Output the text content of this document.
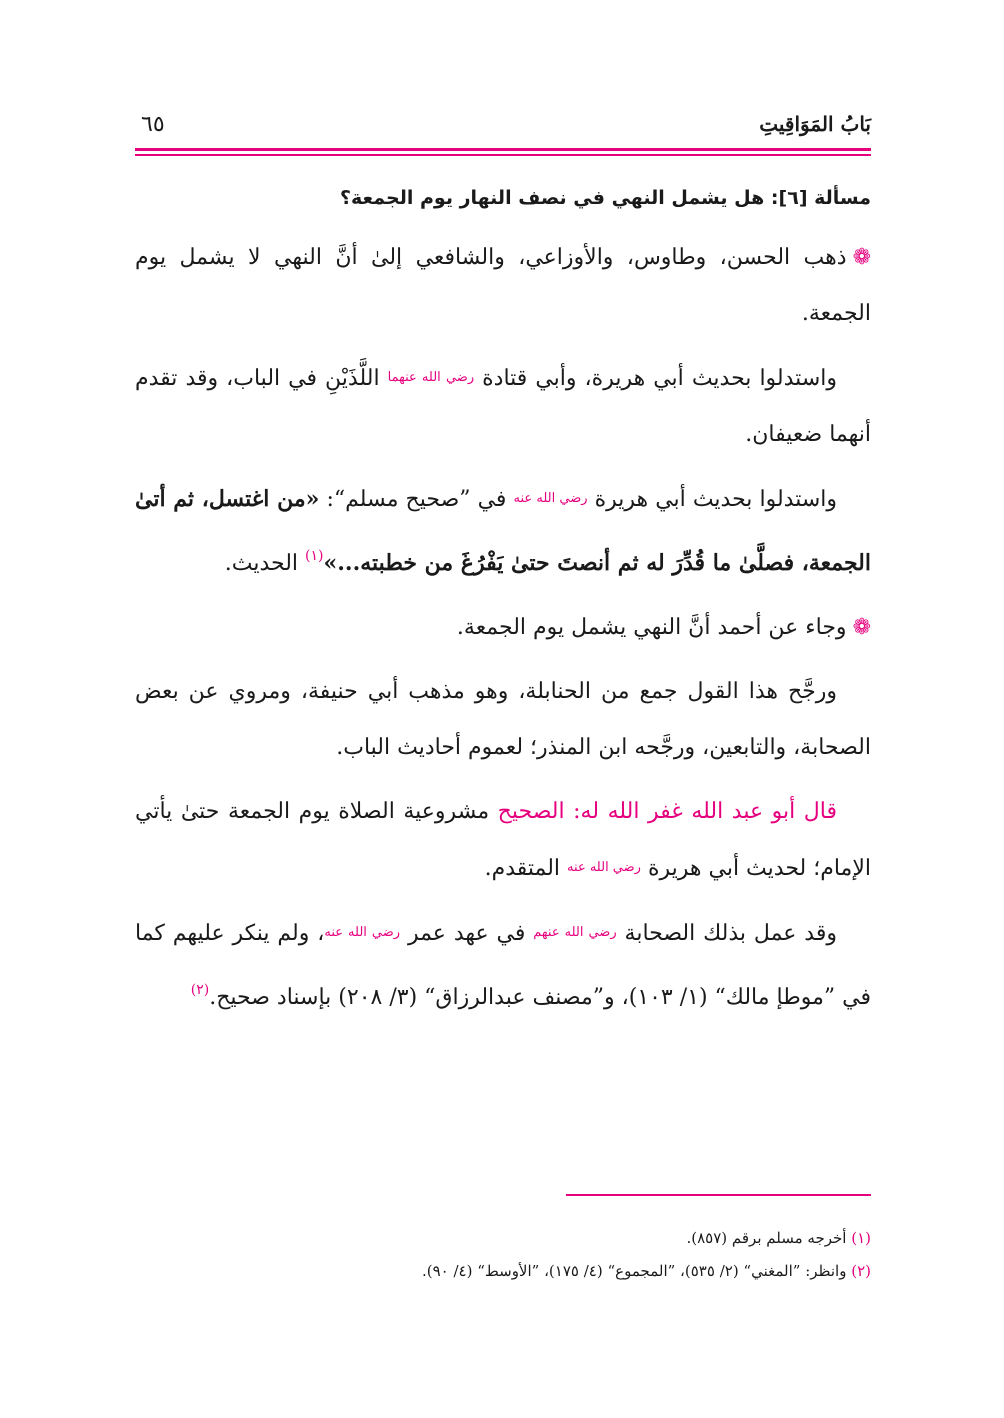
بَابُ المَوَاقِيتِ
٦٥

مسألة [٦]: هل يشمل النهي في نصف النهار يوم الجمعة؟

❁ذهب الحسن، وطاوس، والأوزاعي، والشافعي إلىٰ أنَّ النهي لا يشمل يوم الجمعة.

واستدلوا بحديث أبي هريرة، وأبي قتادة رضي الله عنهما اللَّذَيْنِ في الباب، وقد تقدم أنهما ضعيفان.

واستدلوا بحديث أبي هريرة رضي الله عنه في ”صحيح مسلم“: «من اغتسل، ثم أتىٰ الجمعة، فصلَّىٰ ما قُدِّرَ له ثم أنصتَ حتىٰ يَفْرُغَ من خطبته...»$^{(١)}$ الحديث.

❁وجاء عن أحمد أنَّ النهي يشمل يوم الجمعة.

ورجَّح هذا القول جمع من الحنابلة، وهو مذهب أبي حنيفة، ومروي عن بعض الصحابة، والتابعين، ورجَّحه ابن المنذر؛ لعموم أحاديث الباب.

قال أبو عبد الله غفر الله له: الصحيح مشروعية الصلاة يوم الجمعة حتىٰ يأتي الإمام؛ لحديث أبي هريرة رضي الله عنه المتقدم.

وقد عمل بذلك الصحابة رضي الله عنهم في عهد عمر رضي الله عنه، ولم ينكر عليهم كما في ”موطإ مالك“ (١/ ١٠٣)، و”مصنف عبدالرزاق“ (٣/ ٢٠٨) بإسناد صحيح.$^{(٢)}$

(١) أخرجه مسلم برقم (٨٥٧).

(٢) وانظر: ”المغني“ (٢/ ٥٣٥)، ”المجموع“ (٤/ ١٧٥)، ”الأوسط“ (٤/ ٩٠).
